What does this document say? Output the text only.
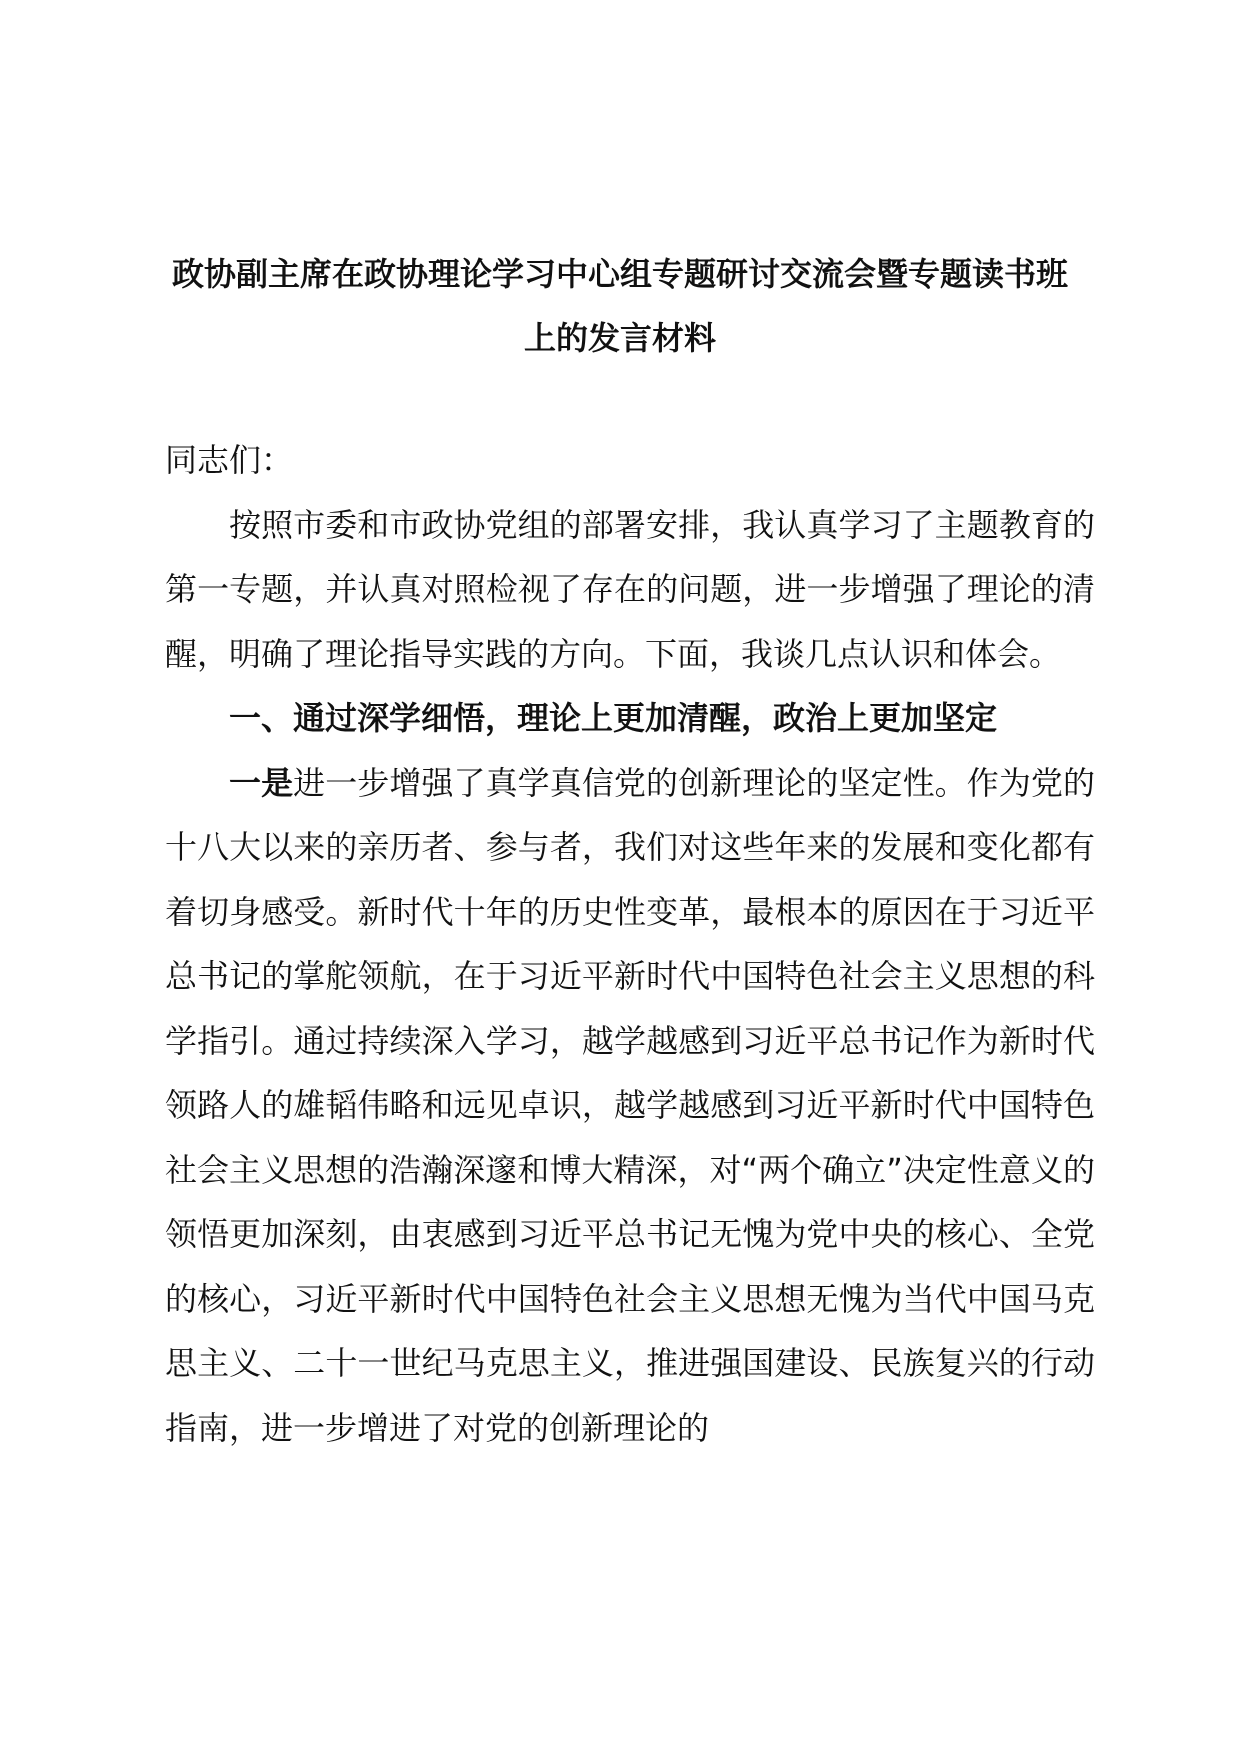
政协副主席在政协理论学习中心组专题研讨交流会暨专题读书班
上的发言材料

同志们：

按照市委和市政协党组的部署安排，我认真学习了主题教育的第一专题，并认真对照检视了存在的问题，进一步增强了理论的清醒，明确了理论指导实践的方向。下面，我谈几点认识和体会。

一、通过深学细悟，理论上更加清醒，政治上更加坚定

一是进一步增强了真学真信党的创新理论的坚定性。作为党的十八大以来的亲历者、参与者，我们对这些年来的发展和变化都有着切身感受。新时代十年的历史性变革，最根本的原因在于习近平总书记的掌舵领航，在于习近平新时代中国特色社会主义思想的科学指引。通过持续深入学习，越学越感到习近平总书记作为新时代领路人的雄韬伟略和远见卓识，越学越感到习近平新时代中国特色社会主义思想的浩瀚深邃和博大精深，对“两个确立”决定性意义的领悟更加深刻，由衷感到习近平总书记无愧为党中央的核心、全党的核心，习近平新时代中国特色社会主义思想无愧为当代中国马克思主义、二十一世纪马克思主义，推进强国建设、民族复兴的行动指南，进一步增进了对党的创新理论的
